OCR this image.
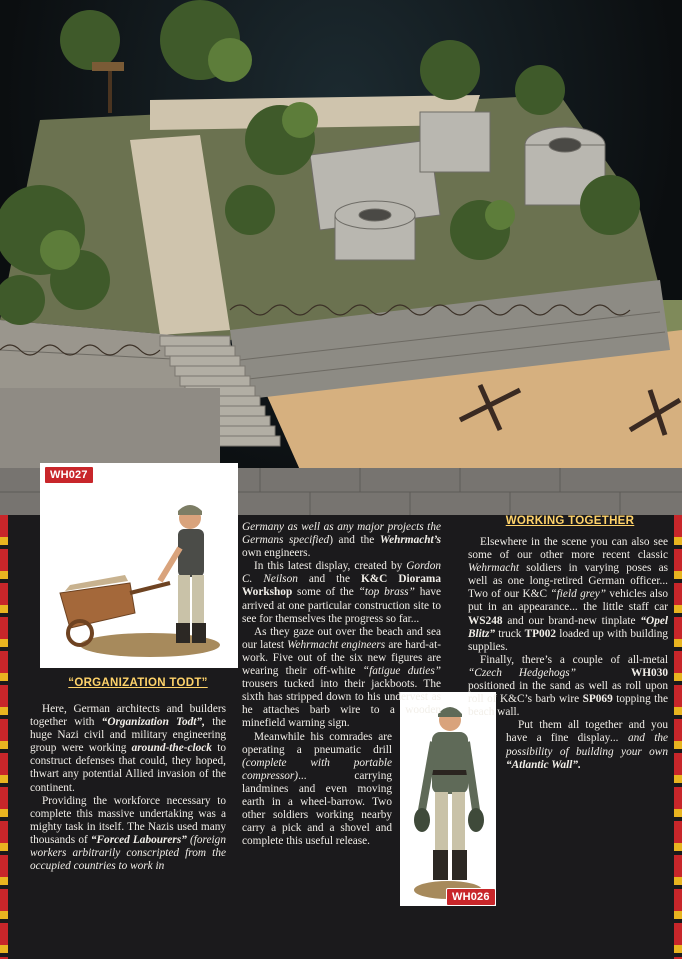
WH027
WH026
“ORGANIZATION TODT”
WORKING TOGETHER

Here, German architects and builders together with “Organization Todt”, the huge Nazi civil and military engineering group were working around-the-clock to construct defenses that could, they hoped, thwart any potential Allied invasion of the continent.

Providing the workforce necessary to complete this massive undertaking was a mighty task in itself. The Nazis used many thousands of “Forced Labourers” (foreign workers arbitrarily conscripted from the occupied countries to work in

Germany as well as any major projects the Germans specified) and the Wehrmacht’s own engineers.

In this latest display, created by Gordon C. Neilson and the K&C Diorama Workshop some of the “top brass” have arrived at one particular construction site to see for themselves the progress so far...

As they gaze out over the beach and sea our latest Wehrmacht engineers are hard-at-work. Five out of the six new figures are wearing their off-white “fatigue duties” trousers tucked into their jackboots. The sixth has stripped down to his undervest as he attaches barb wire to a wooden minefield warning sign.

Meanwhile his comrades are operating a pneumatic drill (complete with portable compressor)... carrying landmines and even moving earth in a wheel-barrow. Two other soldiers working nearby carry a pick and a shovel and complete this useful release.

Elsewhere in the scene you can also see some of our other more recent classic Wehrmacht soldiers in varying poses as well as one long-retired German officer... Two of our K&C “field grey” vehicles also put in an appearance... the little staff car WS248 and our brand-new tinplate “Opel Blitz” truck TP002 loaded up with building supplies.

Finally, there’s a couple of all-metal “Czech Hedgehogs”	WH030 positioned in the sand as well as roll upon roll of K&C’s barb wire SP069 topping the beach wall.

Put them all together and you have a fine display... and the possibility of building your own “Atlantic Wall”.
